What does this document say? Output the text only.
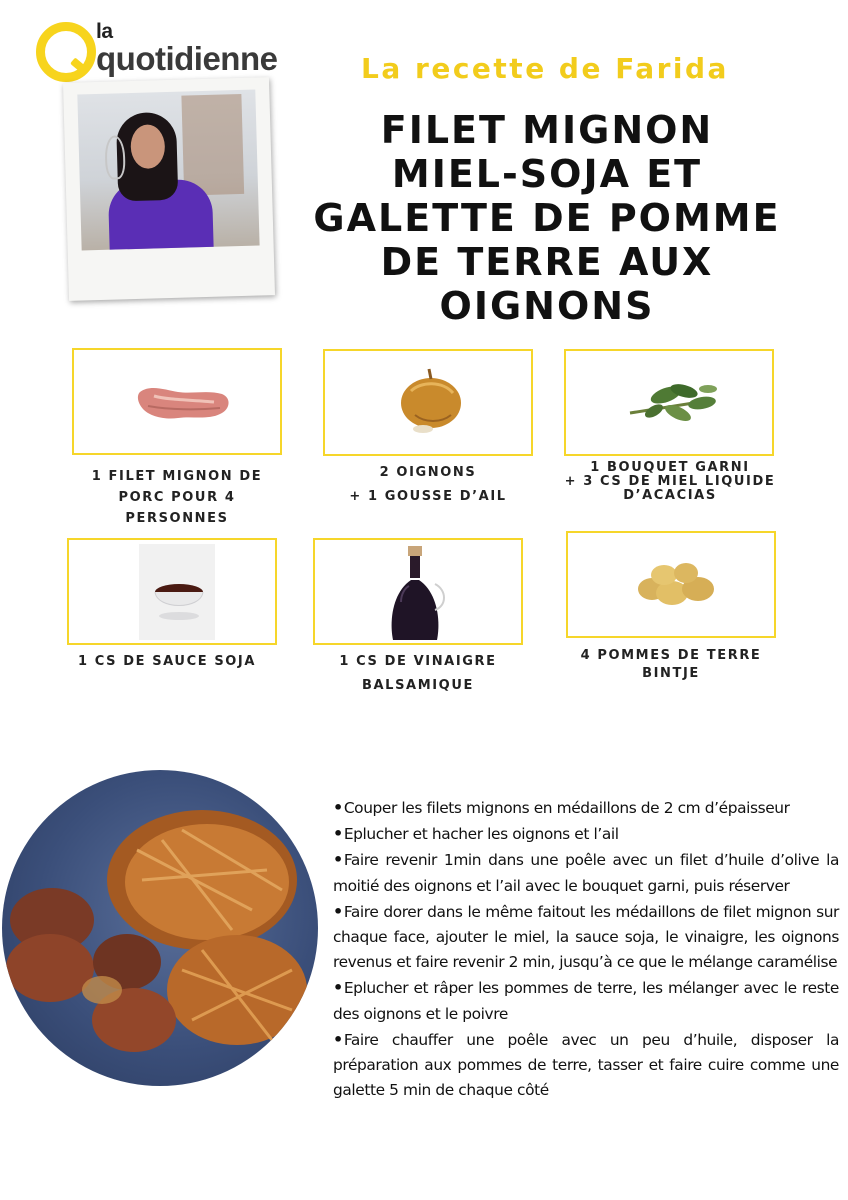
la
quotidienne	La recette de Farida
FILET MIGNON
MIEL-SOJA ET
GALETTE DE POMME
DE TERRE AUX
OIGNONS
1 FILET MIGNON DE
PORC POUR 4
PERSONNES
2 OIGNONS
+ 1 GOUSSE D’AIL
1 BOUQUET GARNI
+ 3 CS DE MIEL LIQUIDE
D’ACACIAS
1 CS DE SAUCE SOJA	1 CS DE VINAIGRE
BALSAMIQUE
4 POMMES DE TERRE
BINTJE

•Couper les filets mignons en médaillons de 2 cm d’épaisseur

•Eplucher et hacher les oignons et l’ail

•Faire revenir 1min dans une poêle avec un filet d’huile d’olive la moitié des oignons et l’ail avec le bouquet garni, puis réserver

•Faire dorer dans le même faitout les médaillons de filet mignon sur chaque face, ajouter le miel, la sauce soja, le vinaigre, les oignons revenus et faire revenir 2 min, jusqu’à ce que le mélange caramélise

•Eplucher et râper les pommes de terre, les mélanger avec le reste des oignons et le poivre

•Faire chauffer une poêle avec un peu d’huile, disposer la préparation aux pommes de terre, tasser et faire cuire comme une galette 5 min de chaque côté
